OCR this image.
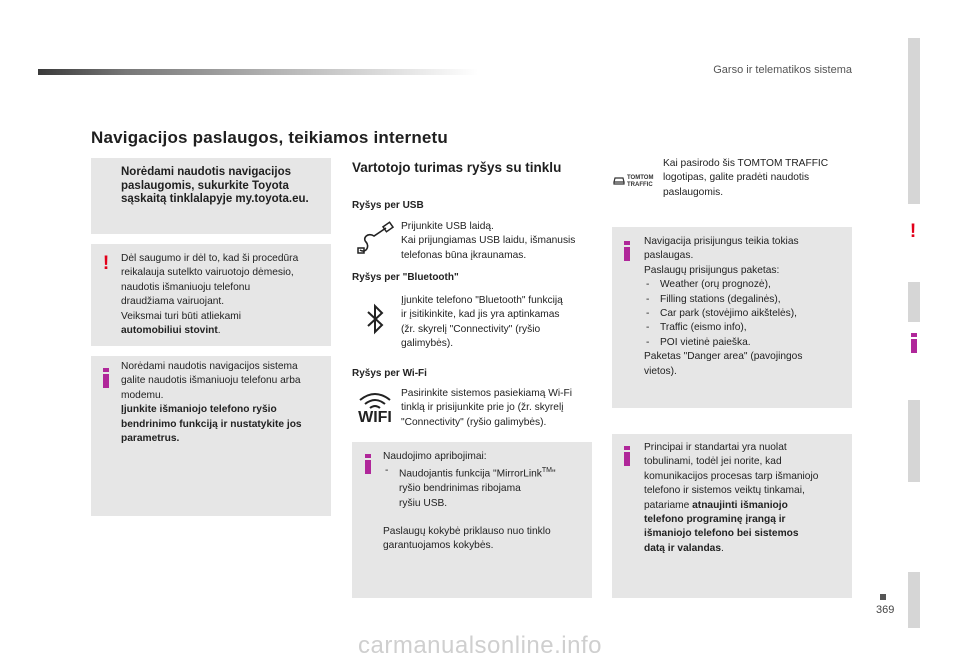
Garso ir telematikos sistema
!
369
Navigacijos paslaugos, teikiamos internetu
Norėdami naudotis navigacijos paslaugomis, sukurkite Toyota sąskaitą tinklalapyje my.toyota.eu.
! Dėl saugumo ir dėl to, kad ši procedūra
reikalauja sutelkto vairuotojo dėmesio,
naudotis išmaniuoju telefonu
draudžiama vairuojant.
Veiksmai turi būti atliekami
automobiliui stovint.
Norėdami naudotis navigacijos sistema
galite naudotis išmaniuoju telefonu arba
modemu.
Įjunkite išmaniojo telefono ryšio
bendrinimo funkciją ir nustatykite jos
parametrus.
Vartotojo turimas ryšys su tinklu
Ryšys per USB
Prijunkite USB laidą.
Kai prijungiamas USB laidu, išmanusis
telefonas būna įkraunamas.
Ryšys per "Bluetooth"
Įjunkite telefono "Bluetooth" funkciją
ir įsitikinkite, kad jis yra aptinkamas
(žr. skyrelį "Connectivity" (ryšio
galimybės).
Ryšys per Wi-Fi
WIFI
Pasirinkite sistemos pasiekiamą Wi-Fi
tinklą ir prisijunkite prie jo (žr. skyrelį
"Connectivity" (ryšio galimybės).
Naudojimo apribojimai:
- Naudojantis funkcija "MirrorLink™"
ryšio bendrinimas ribojama
ryšiu USB.
Paslaugų kokybė priklauso nuo tinklo
garantuojamos kokybės.
TOMTOM
TRAFFIC
Kai pasirodo šis TOMTOM TRAFFIC
logotipas, galite pradėti naudotis
paslaugomis.
Navigacija prisijungus teikia tokias
paslaugas.
Paslaugų prisijungus paketas:
- Weather (orų prognozė),
- Filling stations (degalinės),
- Car park (stovėjimo aikštelės),
- Traffic (eismo info),
- POI vietinė paieška.
Paketas "Danger area" (pavojingos
vietos).
Principai ir standartai yra nuolat
tobulinami, todėl jei norite, kad
komunikacijos procesas tarp išmaniojo
telefono ir sistemos veiktų tinkamai,
patariame atnaujinti išmaniojo
telefono programinę įrangą ir
išmaniojo telefono bei sistemos
datą ir valandas.
carmanualsonline.info
